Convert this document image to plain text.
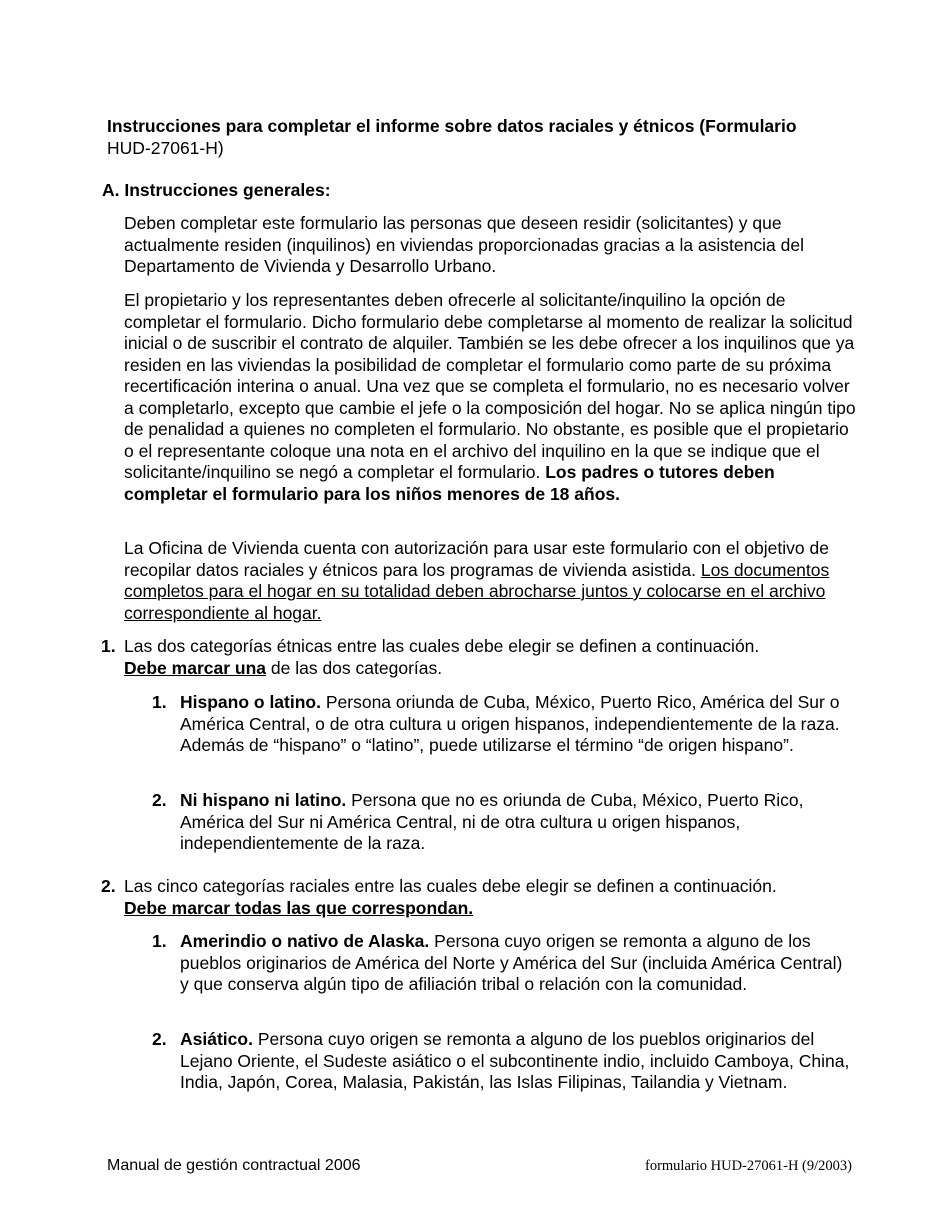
Instrucciones para completar el informe sobre datos raciales y étnicos (Formulario
HUD-27061-H)
A. Instrucciones generales:

Deben completar este formulario las personas que deseen residir (solicitantes) y que actualmente residen (inquilinos) en viviendas proporcionadas gracias a la asistencia del Departamento de Vivienda y Desarrollo Urbano.

El propietario y los representantes deben ofrecerle al solicitante/inquilino la opción de completar el formulario. Dicho formulario debe completarse al momento de realizar la solicitud inicial o de suscribir el contrato de alquiler. También se les debe ofrecer a los inquilinos que ya residen en las viviendas la posibilidad de completar el formulario como parte de su próxima recertificación interina o anual. Una vez que se completa el formulario, no es necesario volver a completarlo, excepto que cambie el jefe o la composición del hogar. No se aplica ningún tipo de penalidad a quienes no completen el formulario. No obstante, es posible que el propietario o el representante coloque una nota en el archivo del inquilino en la que se indique que el solicitante/inquilino se negó a completar el formulario. Los padres o tutores deben completar el formulario para los niños menores de 18 años.

La Oficina de Vivienda cuenta con autorización para usar este formulario con el objetivo de recopilar datos raciales y étnicos para los programas de vivienda asistida. Los documentos completos para el hogar en su totalidad deben abrocharse juntos y colocarse en el archivo correspondiente al hogar.

1. Las dos categorías étnicas entre las cuales debe elegir se definen a continuación.
Debe marcar una de las dos categorías.

1. Hispano o latino. Persona oriunda de Cuba, México, Puerto Rico, América del Sur o América Central, o de otra cultura u origen hispanos, independientemente de la raza. Además de “hispano” o “latino”, puede utilizarse el término “de origen hispano”.

2. Ni hispano ni latino. Persona que no es oriunda de Cuba, México, Puerto Rico, América del Sur ni América Central, ni de otra cultura u origen hispanos, independientemente de la raza.

2. Las cinco categorías raciales entre las cuales debe elegir se definen a continuación.
Debe marcar todas las que correspondan.

1. Amerindio o nativo de Alaska. Persona cuyo origen se remonta a alguno de los pueblos originarios de América del Norte y América del Sur (incluida América Central) y que conserva algún tipo de afiliación tribal o relación con la comunidad.

2. Asiático. Persona cuyo origen se remonta a alguno de los pueblos originarios del Lejano Oriente, el Sudeste asiático o el subcontinente indio, incluido Camboya, China, India, Japón, Corea, Malasia, Pakistán, las Islas Filipinas, Tailandia y Vietnam.

Manual de gestión contractual 2006	formulario HUD-27061-H (9/2003)
